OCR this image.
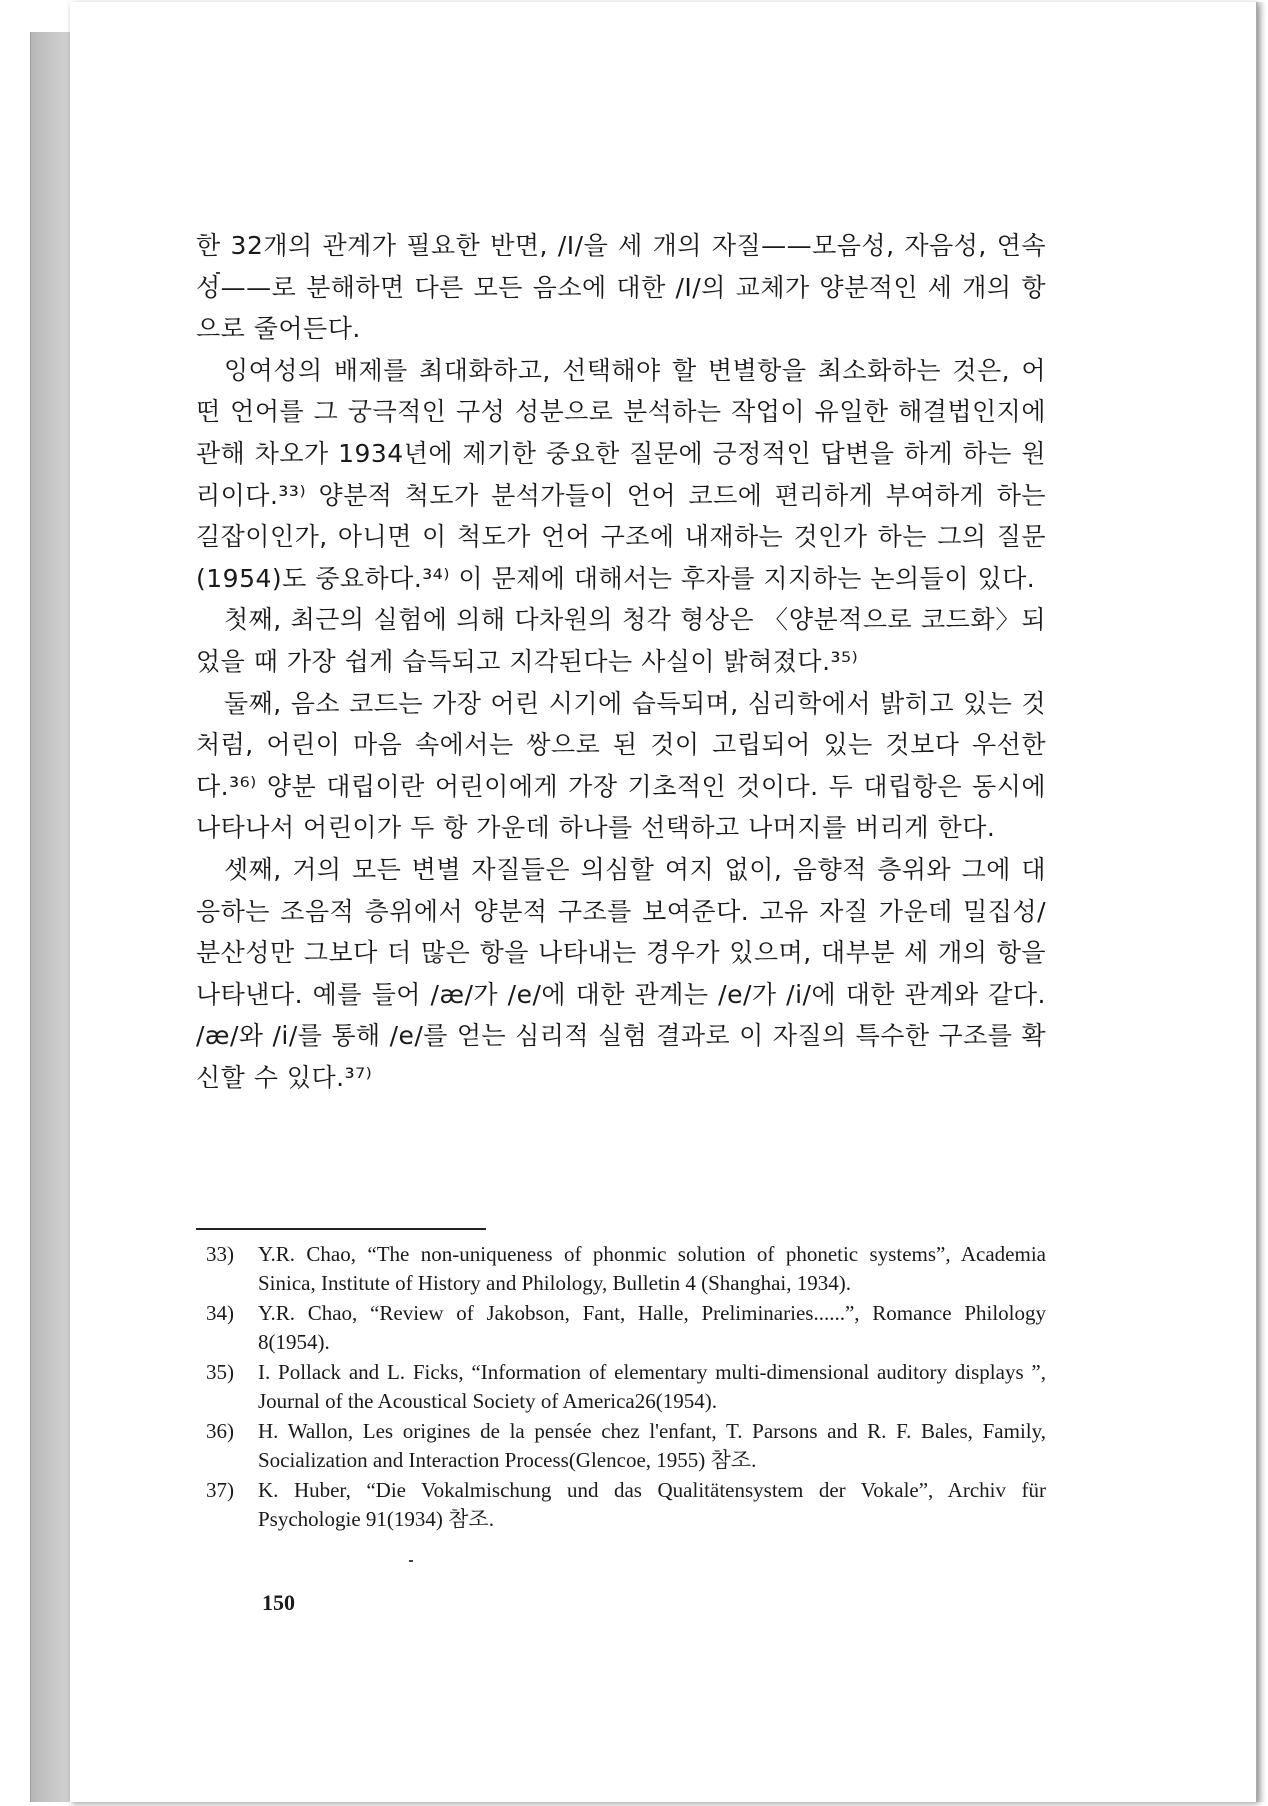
한 32개의 관계가 필요한 반면, /I/을 세 개의 자질——모음성, 자음성, 연속성——로 분해하면 다른 모든 음소에 대한 /I/의 교체가 양분적인 세 개의 항으로 줄어든다.

잉여성의 배제를 최대화하고, 선택해야 할 변별항을 최소화하는 것은, 어떤 언어를 그 궁극적인 구성 성분으로 분석하는 작업이 유일한 해결법인지에 관해 차오가 1934년에 제기한 중요한 질문에 긍정적인 답변을 하게 하는 원리이다.³³⁾ 양분적 척도가 분석가들이 언어 코드에 편리하게 부여하게 하는 길잡이인가, 아니면 이 척도가 언어 구조에 내재하는 것인가 하는 그의 질문(1954)도 중요하다.³⁴⁾ 이 문제에 대해서는 후자를 지지하는 논의들이 있다.

첫째, 최근의 실험에 의해 다차원의 청각 형상은 〈양분적으로 코드화〉되었을 때 가장 쉽게 습득되고 지각된다는 사실이 밝혀졌다.³⁵⁾

둘째, 음소 코드는 가장 어린 시기에 습득되며, 심리학에서 밝히고 있는 것처럼, 어린이 마음 속에서는 쌍으로 된 것이 고립되어 있는 것보다 우선한다.³⁶⁾ 양분 대립이란 어린이에게 가장 기초적인 것이다. 두 대립항은 동시에 나타나서 어린이가 두 항 가운데 하나를 선택하고 나머지를 버리게 한다.

셋째, 거의 모든 변별 자질들은 의심할 여지 없이, 음향적 층위와 그에 대응하는 조음적 층위에서 양분적 구조를 보여준다. 고유 자질 가운데 밀집성/분산성만 그보다 더 많은 항을 나타내는 경우가 있으며, 대부분 세 개의 항을 나타낸다. 예를 들어 /æ/가 /e/에 대한 관계는 /e/가 /i/에 대한 관계와 같다. /æ/와 /i/를 통해 /e/를 얻는 심리적 실험 결과로 이 자질의 특수한 구조를 확신할 수 있다.³⁷⁾

33)	Y.R. Chao, “The non-uniqueness of phonmic solution of phonetic systems”, Academia Sinica, Institute of History and Philology, Bulletin 4 (Shanghai, 1934).
34)	Y.R. Chao, “Review of Jakobson, Fant, Halle, Preliminaries......”, Romance Philology 8(1954).
35)	I. Pollack and L. Ficks, “Information of elementary multi-dimensional auditory displays ”, Journal of the Acoustical Society of America26(1954).
36)	H. Wallon, Les origines de la pensée chez l'enfant, T. Parsons and R. F. Bales, Family, Socialization and Interaction Process(Glencoe, 1955) 참조.
37)	K. Huber, “Die Vokalmischung und das Qualitätensystem der Vokale”, Archiv für Psychologie 91(1934) 참조.
150
